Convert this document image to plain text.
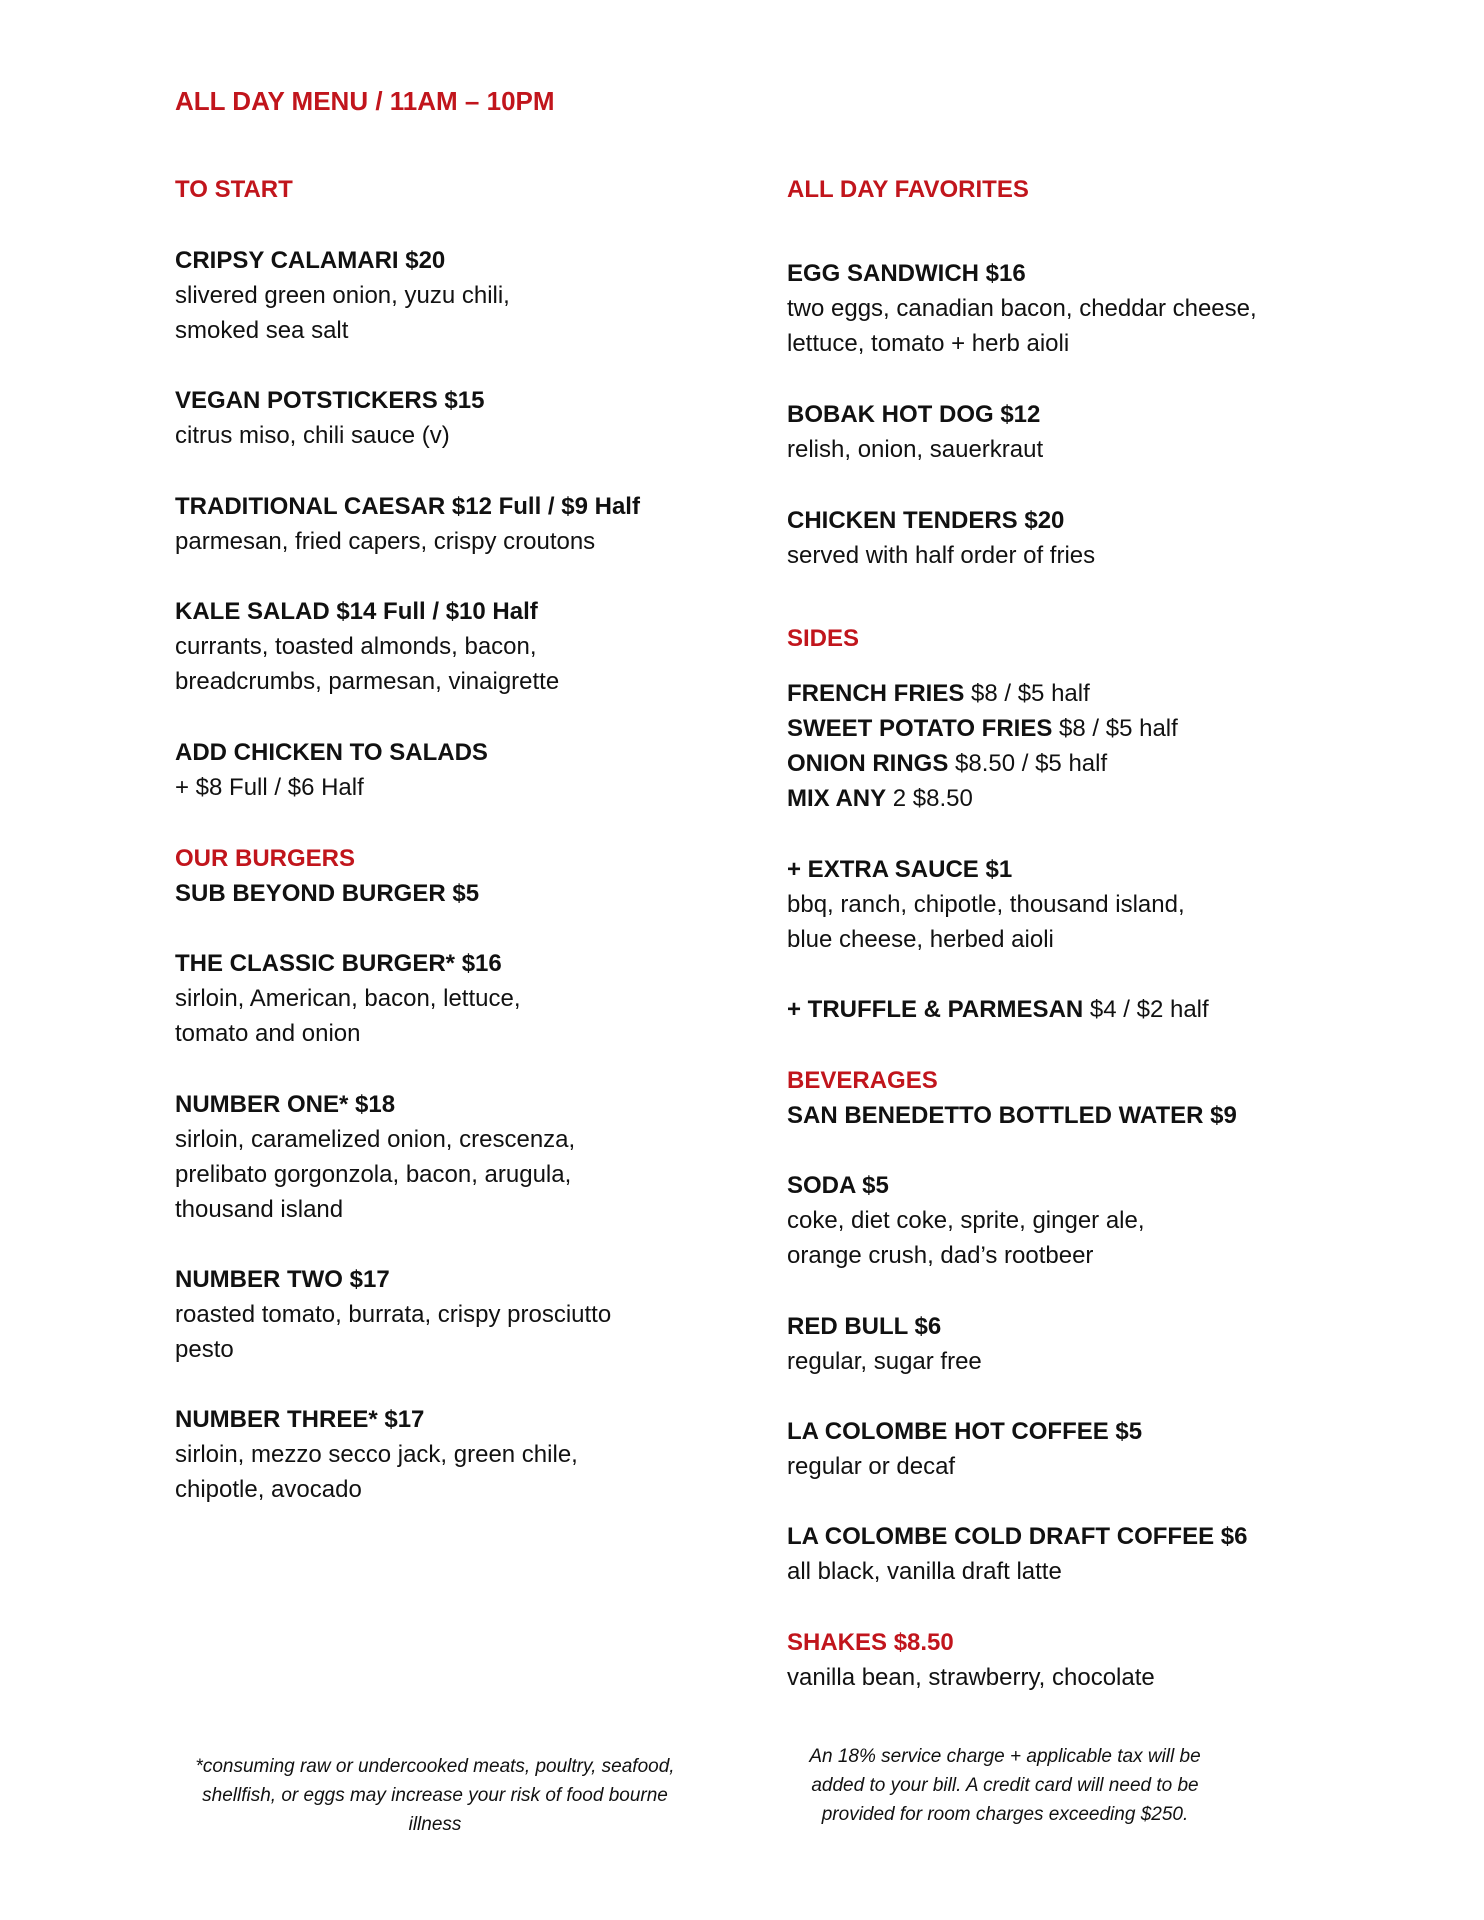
ALL DAY MENU / 11AM – 10PM
TO START
CRIPSY CALAMARI $20
slivered green onion, yuzu chili,
smoked sea salt
VEGAN POTSTICKERS $15
citrus miso, chili sauce (v)
TRADITIONAL CAESAR $12 Full / $9 Half
parmesan, fried capers, crispy croutons
KALE SALAD $14 Full / $10 Half
currants, toasted almonds, bacon,
breadcrumbs, parmesan, vinaigrette
ADD CHICKEN TO SALADS
+ $8 Full / $6 Half
OUR BURGERS
SUB BEYOND BURGER $5
THE CLASSIC BURGER* $16
sirloin, American, bacon, lettuce,
tomato and onion
NUMBER ONE* $18
sirloin, caramelized onion, crescenza,
prelibato gorgonzola, bacon, arugula,
thousand island
NUMBER TWO $17
roasted tomato, burrata, crispy prosciutto
pesto
NUMBER THREE* $17
sirloin, mezzo secco jack, green chile,
chipotle, avocado
*consuming raw or undercooked meats, poultry, seafood,
shellfish, or eggs may increase your risk of food bourne
illness
ALL DAY FAVORITES
EGG SANDWICH $16
two eggs, canadian bacon, cheddar cheese,
lettuce, tomato + herb aioli
BOBAK HOT DOG $12
relish, onion, sauerkraut
CHICKEN TENDERS $20
served with half order of fries
SIDES
FRENCH FRIES $8 / $5 half
SWEET POTATO FRIES $8 / $5 half
ONION RINGS $8.50 / $5 half
MIX ANY 2 $8.50
+ EXTRA SAUCE $1
bbq, ranch, chipotle, thousand island,
blue cheese, herbed aioli
+ TRUFFLE & PARMESAN $4 / $2 half
BEVERAGES
SAN BENEDETTO BOTTLED WATER $9
SODA $5
coke, diet coke, sprite, ginger ale,
orange crush, dad’s rootbeer
RED BULL $6
regular, sugar free
LA COLOMBE HOT COFFEE $5
regular or decaf
LA COLOMBE COLD DRAFT COFFEE $6
all black, vanilla draft latte
SHAKES $8.50
vanilla bean, strawberry, chocolate
An 18% service charge + applicable tax will be
added to your bill. A credit card will need to be
provided for room charges exceeding $250.
